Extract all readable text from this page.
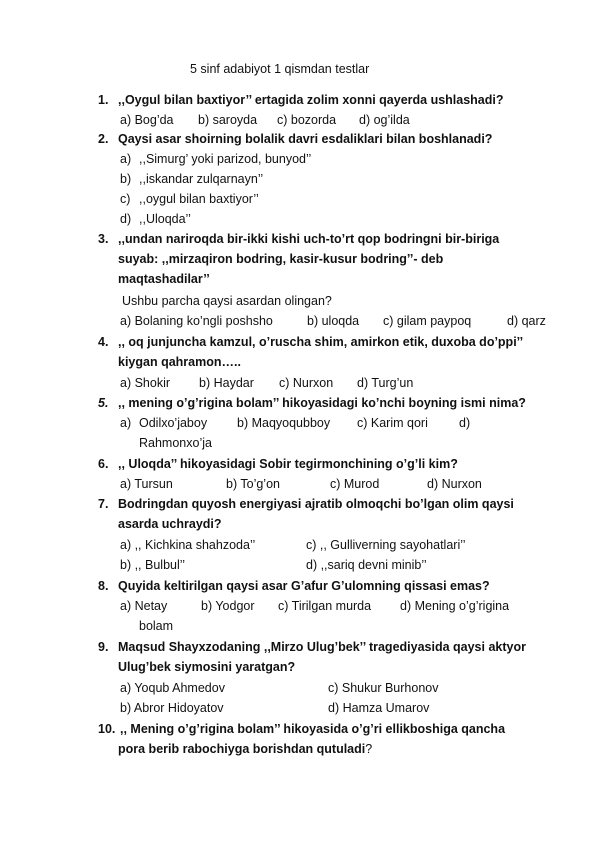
5 sinf adabiyot 1 qismdan testlar
1. ,,Oygul bilan baxtiyor’’ ertagida zolim xonni qayerda ushlashadi?
a) Bog’da b) saroyda c) bozorda d) og’ilda
2. Qaysi asar shoirning bolalik davri esdaliklari bilan boshlanadi?
a) ,,Simurg’ yoki parizod, bunyod’’
b) ,,iskandar zulqarnayn’’
c) ,,oygul bilan baxtiyor’’
d) ,,Uloqda’’
3. ,,undan nariroqda bir-ikki kishi uch-to’rt qop bodringni bir-biriga
suyab: ,,mirzaqiron bodring, kasir-kusur bodring’’- deb
maqtashadilar’’
Ushbu parcha qaysi asardan olingan?
a) Bolaning ko’ngli poshsho	b) uloqda c) gilam paypoq	d) qarz
4. ,, oq junjuncha kamzul, o’ruscha shim, amirkon etik, duxoba do’ppi’’
kiygan qahramon…..
a) Shokir b) Haydar c) Nurxon d) Turg’un
5. ,, mening o’g’rigina bolam’’ hikoyasidagi ko’nchi boyning ismi nima?
a) Odilxo’jaboy b) Maqyoqubboy c) Karim qori d)
Rahmonxo’ja
6. ,, Uloqda’’ hikoyasidagi Sobir tegirmonchining o’g’li kim?
a) Tursun	b) To’g’on	c) Murod	d) Nurxon
7. Bodringdan quyosh energiyasi ajratib olmoqchi bo’lgan olim qaysi
asarda uchraydi?
a) ,, Kichkina shahzoda’’	c) ,, Gulliverning sayohatlari’’
b) ,, Bulbul’’	d) ,,sariq devni minib’’
8. Quyida keltirilgan qaysi asar G’afur G’ulomning qissasi emas?
a) Netay	b) Yodgor c) Tirilgan murda d) Mening o’g’rigina
bolam
9. Maqsud Shayxzodaning ,,Mirzo Ulug’bek’’ tragediyasida qaysi aktyor
Ulug’bek siymosini yaratgan?
a) Yoqub Ahmedov	c) Shukur Burhonov
b) Abror Hidoyatov	d) Hamza Umarov
10. ,, Mening o’g’rigina bolam’’ hikoyasida o’g’ri ellikboshiga qancha
pora berib rabochiyga borishdan qutuladi?
